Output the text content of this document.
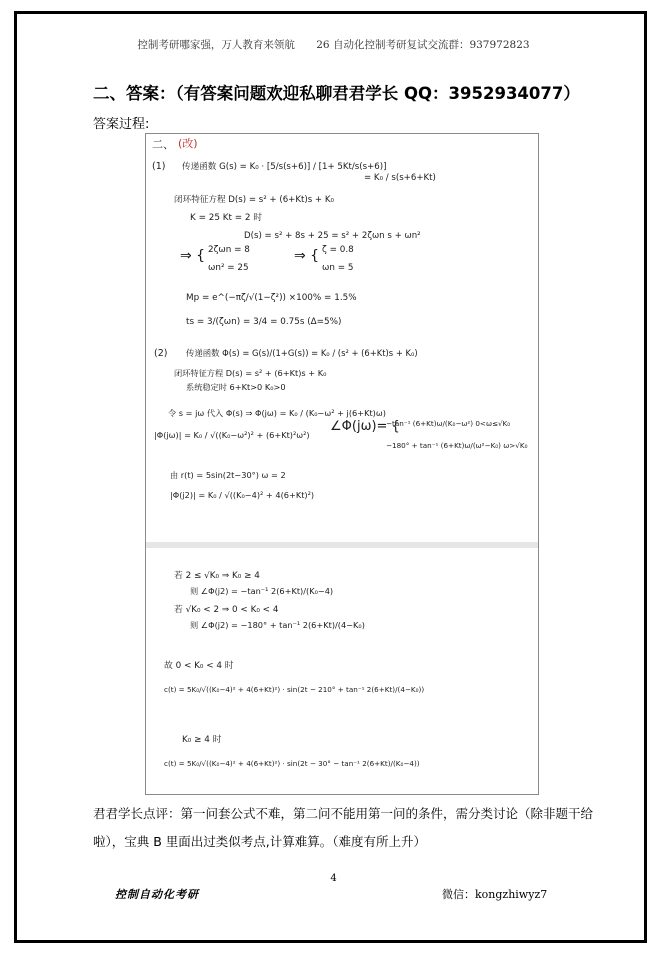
控制考研哪家强，万人教育来领航 26 自动化控制考研复试交流群：937972823
二、答案：（有答案问题欢迎私聊君君学长 QQ：3952934077）
答案过程:
二、 (改)
(1) 传递函数 G(s) = K₀ · [5/s(s+6)] / [1+ 5Kt/s(s+6)]
= K₀ / s(s+6+Kt)
闭环特征方程 D(s) = s² + (6+Kt)s + K₀
K = 25 Kt = 2 时
D(s) = s² + 8s + 25 = s² + 2ζωn s + ωn²
⇒ { 2ζωn = 8
ωn² = 25
⇒ { ζ = 0.8
ωn = 5
Mp = e^(−πζ/√(1−ζ²)) ×100% = 1.5%
ts = 3/(ζωn) = 3/4 = 0.75s (Δ=5%)
(2) 传递函数 Φ(s) = G(s)/(1+G(s)) = K₀ / (s² + (6+Kt)s + K₀)
闭环特征方程 D(s) = s² + (6+Kt)s + K₀
系统稳定时 6+Kt>0 K₀>0
令 s = jω 代入 Φ(s) ⇒ Φ(jω) = K₀ / (K₀−ω² + j(6+Kt)ω)
|Φ(jω)| = K₀ / √((K₀−ω²)² + (6+Kt)²ω²)
∠Φ(jω)= {
−tan⁻¹ (6+Kt)ω/(K₀−ω²) 0<ω≤√K₀
−180° + tan⁻¹ (6+Kt)ω/(ω²−K₀) ω>√K₀
由 r(t) = 5sin(2t−30°) ω = 2
|Φ(j2)| = K₀ / √((K₀−4)² + 4(6+Kt)²)
若 2 ≤ √K₀ ⇒ K₀ ≥ 4
则 ∠Φ(j2) = −tan⁻¹ 2(6+Kt)/(K₀−4)
若 √K₀ < 2 ⇒ 0 < K₀ < 4
则 ∠Φ(j2) = −180° + tan⁻¹ 2(6+Kt)/(4−K₀)
故 0 < K₀ < 4 时
c(t) = 5K₀/√((K₀−4)² + 4(6+Kt)²) · sin(2t − 210° + tan⁻¹ 2(6+Kt)/(4−K₀))
K₀ ≥ 4 时
c(t) = 5K₀/√((K₀−4)² + 4(6+Kt)²) · sin(2t − 30° − tan⁻¹ 2(6+Kt)/(K₀−4))
君君学长点评：第一问套公式不难，第二问不能用第一问的条件，需分类讨论（除非题干给啦），宝典 B 里面出过类似考点,计算难算。（难度有所上升）
4
控制自动化考研	微信：kongzhiwyz7
